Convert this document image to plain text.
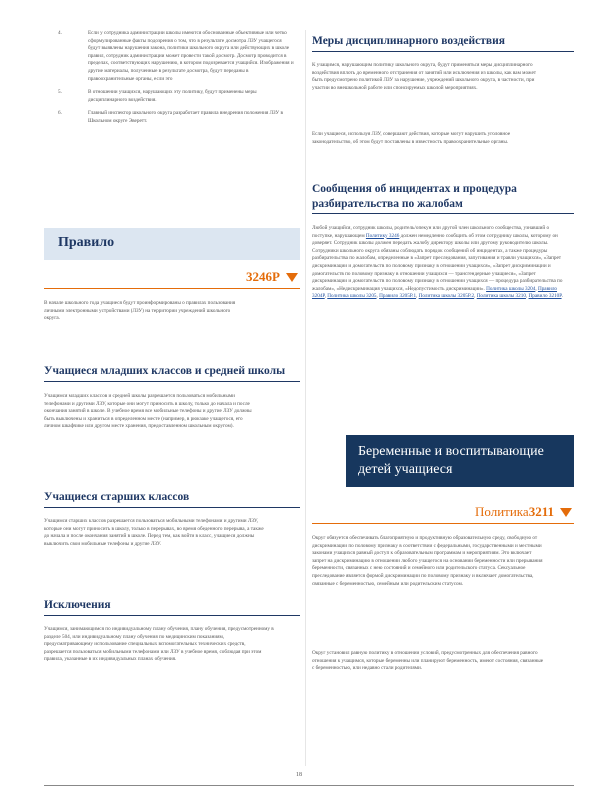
4.	Если у сотрудника администрации школы имеются обоснованные объективные или четко сформулированные факты подозрения о том, что в результате досмотра ЛЗУ учащегося будут выявлены нарушения закона, политики школьного округа или действующих в школе правил, сотрудник администрации может провести такой досмотр. Досмотр проводится в пределах, соответствующих нарушению, в котором подозревается учащийся. Изображения и другие материалы, полученные в результате досмотра, будут переданы в правоохранительные органы, если это
5.	В отношении учащихся, нарушающих эту политику, будут применены меры дисциплинарного воздействия.
6.	Главный инспектор школьного округа разработает правила внедрения положения ЛЗУ в Школьном округе Эверетт.
Правило
3246P
В начале школьного года учащиеся будут проинформированы о правилах пользования личными электронными устройствами (ЛЗУ) на территории учреждений школьного округа.
Учащиеся младших классов и средней школы
Учащимся младших классов и средней школы разрешается пользоваться мобильными телефонами и другими ЛЗУ, которые они могут приносить в школу, только до начала и после окончания занятий в школе. В учебное время все мобильные телефоны и другие ЛЗУ должны быть выключены и храниться в определенном месте (например, в рюкзаке учащегося, его личном шкафчике или другом месте хранения, предоставленном школьным округом).
Учащиеся старших классов
Учащимся старших классов разрешается пользоваться мобильными телефонами и другими ЛЗУ, которые они могут приносить в школу, только в перерывах, во время обеденного перерыва, а также до начала и после окончания занятий в школе. Перед тем, как войти в класс, учащиеся должны выключить свои мобильные телефоны и другие ЛЗУ.
Исключения
Учащимся, занимающимся по индивидуальному плану обучения, плану обучения, предусмотренному в разделе 504, или индивидуальному плану обучения по медицинским показаниям, предусматривающему использование специальных вспомогательных технических средств, разрешается пользоваться мобильными телефонами или ЛЗУ в учебное время, соблюдая при этом правила, указанные в их индивидуальных планах обучения.
Меры дисциплинарного воздействия
К учащимся, нарушающим политику школьного округа, будут применяться меры дисциплинарного воздействия вплоть до временного отстранения от занятий или исключения из школы, как вам может быть предусмотрено политикой ЛЗУ за нарушение, учреждений школьного округа, в частности, при участии во внешкольной работе или спонсируемых школой мероприятиях.
Если учащиеся, используя ЛЗУ, совершают действия, которые могут нарушить уголовное законодательство, об этом будут поставлены в известность правоохранительные органы.
Сообщения об инцидентах и процедура разбирательства по жалобам
Любой учащийся, сотрудник школы, родитель/опекун или другой член школьного сообщества, узнавший о поступке, нарушающем Политику 3246 должен немедленно сообщить об этом сотруднику школы, которому он доверяет. Сотрудник школы должен передать жалобу директору школы или другому руководителю школы. Сотрудники школьного округа обязаны соблюдать порядок сообщений об инцидентах, а также процедуры разбирательства по жалобам, определенные в «Запрет преследования, запугивания и травли учащихся», «Запрет дискриминации и домогательств по половому признаку в отношении учащихся», «Запрет дискриминации и домогательств по половому признаку в отношении учащихся — трансгендерные учащиеся», «Запрет дискриминации и домогательств по половому признаку в отношении учащихся — процедура разбирательства по жалобам», «Недискриминация учащихся, «Недопустимость дискриминации». Политика школы 3204, Правило 3204P, Политика школы 3205, Правило 3205P.1, Политика школы 3205P.2, Политика школы 3210, Правило 3210P.
Беременные и воспитывающие детей учащиеся
Политика 3211
Округ обязуется обеспечивать благоприятную и продуктивную образовательную среду, свободную от дискриминации по половому признаку в соответствии с федеральными, государственными и местными законами учащихся равный доступ к образовательным программам и мероприятиям. Это включает запрет на дискриминацию в отношении любого учащегося на основании беременности или прерывания беременности, связанных с нею состояний и семейного или родительского статуса. Сексуальное преследование является формой дискриминации по половому признаку и включает домогательства, связанные с беременностью, семейным или родительским статусом.
Округ установил равную политику в отношении условий, предусмотренных для обеспечения равного отношения к учащимся, которые беременны или планируют беременность, имеют состояния, связанные с беременностью, или недавно стали родителями.
18
